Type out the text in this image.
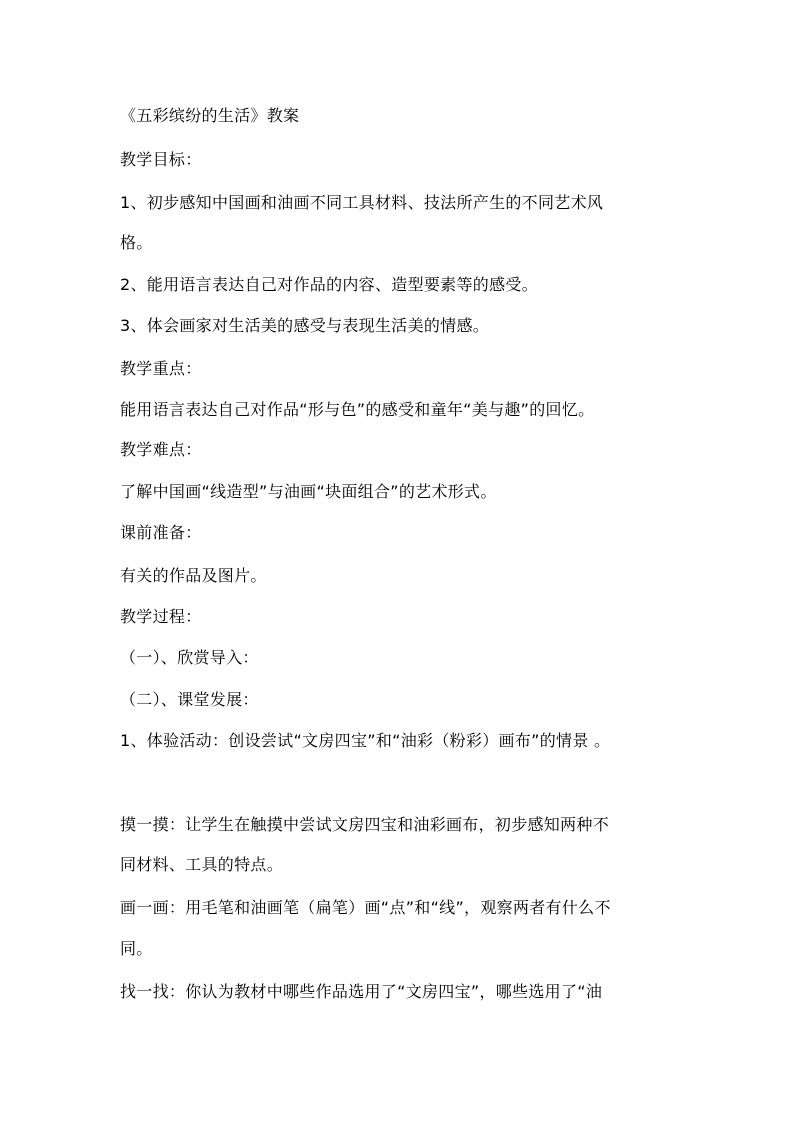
《五彩缤纷的生活》教案
教学目标：
1、初步感知中国画和油画不同工具材料、技法所产生的不同艺术风
格。
2、能用语言表达自己对作品的内容、造型要素等的感受。
3、体会画家对生活美的感受与表现生活美的情感。
教学重点：
能用语言表达自己对作品“形与色”的感受和童年“美与趣”的回忆。
教学难点：
了解中国画“线造型”与油画“块面组合”的艺术形式。
课前准备：
有关的作品及图片。
教学过程：
（一）、欣赏导入：
（二）、课堂发展：
1、体验活动：创设尝试“文房四宝”和“油彩（粉彩）画布”的情景 。
摸一摸：让学生在触摸中尝试文房四宝和油彩画布，初步感知两种不
同材料、工具的特点。
画一画：用毛笔和油画笔（扁笔）画“点”和“线”，观察两者有什么不
同。
找一找：你认为教材中哪些作品选用了“文房四宝”，哪些选用了“油
